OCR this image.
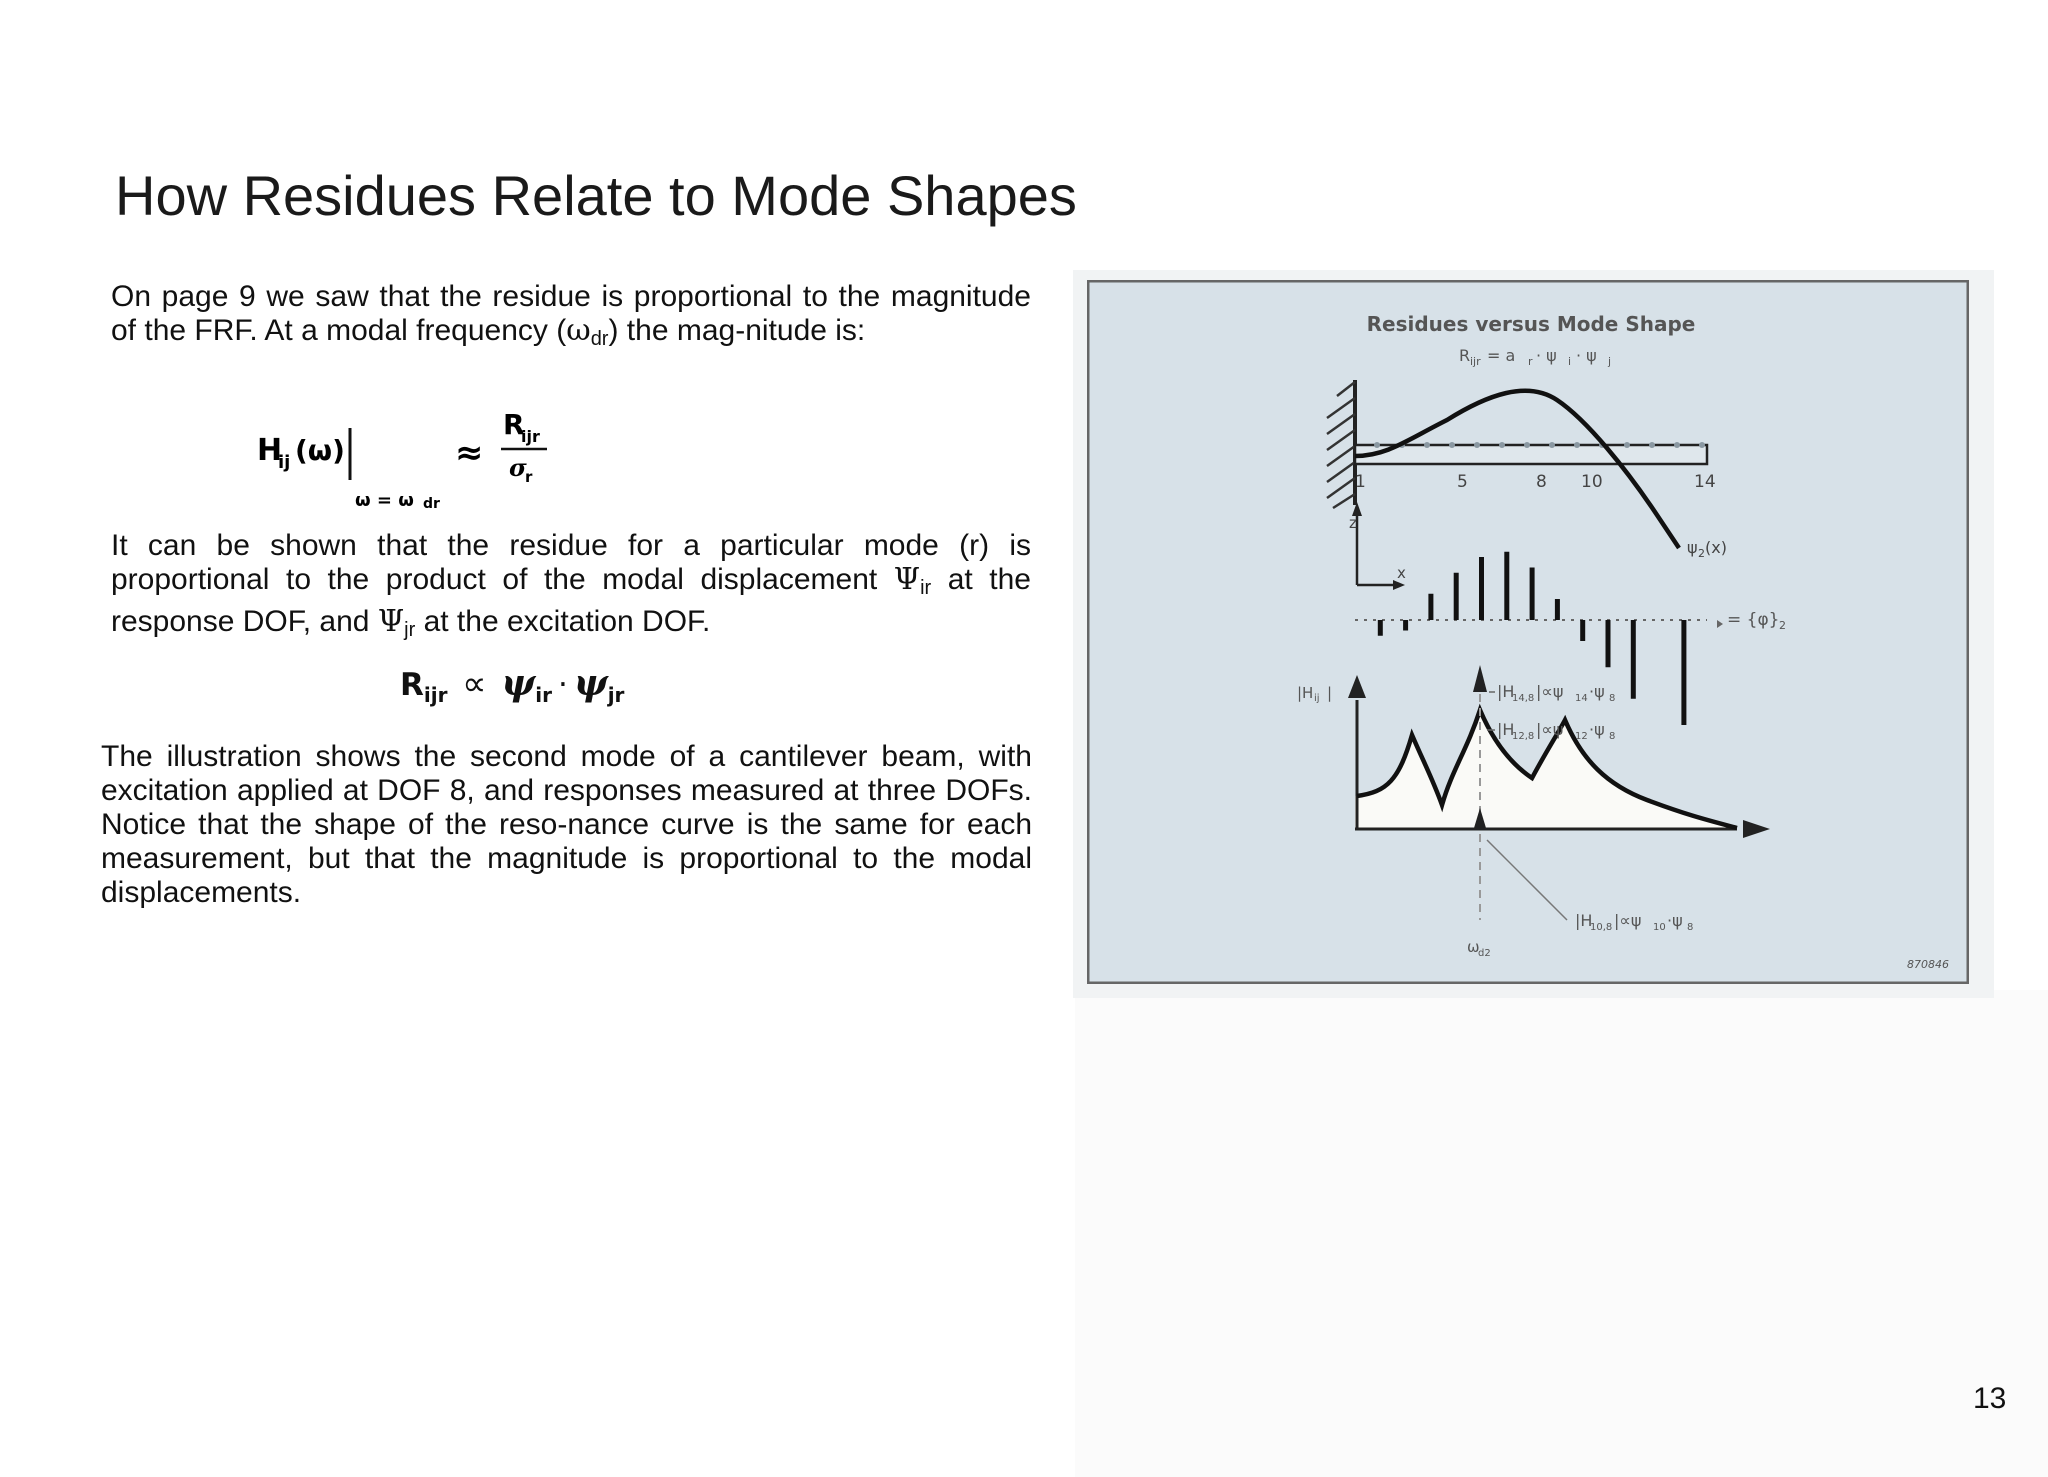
How Residues Relate to Mode Shapes

On page 9 we saw that the residue is proportional to the magnitude of the FRF. At a modal frequency $(\omega_{dr})$ the mag-nitude is:

H
ij (ω)
ω = ω dr
≈
R
ijr
σ
r

It can be shown that the residue for a particular mode (r) is proportional to the product of the modal displacement $\Psi_{ir}$ at the response DOF, and $\Psi_{jr}$ at the excitation DOF.

$R_{ijr} \propto \psi_{ir} \cdot \psi_{jr}$

The illustration shows the second mode of a cantilever beam, with excitation applied at DOF 8, and responses measured at three DOFs. Notice that the shape of the reso-nance curve is the same for each measurement, but that the magnitude is proportional to the modal displacements.

Residues versus Mode Shape
R ijr = a r · ψ i · ψ j
1	5	8 10	14
ψ 2 (x)
z
x
= {φ} 2
|H ij |	|H
14,8 |∝ψ 14 ·ψ 8
|H
12,8 |∝ψ 12 ·ψ 8
|H
10,8 |∝ψ 10 ·ψ 8
ω
d2
870846
13
